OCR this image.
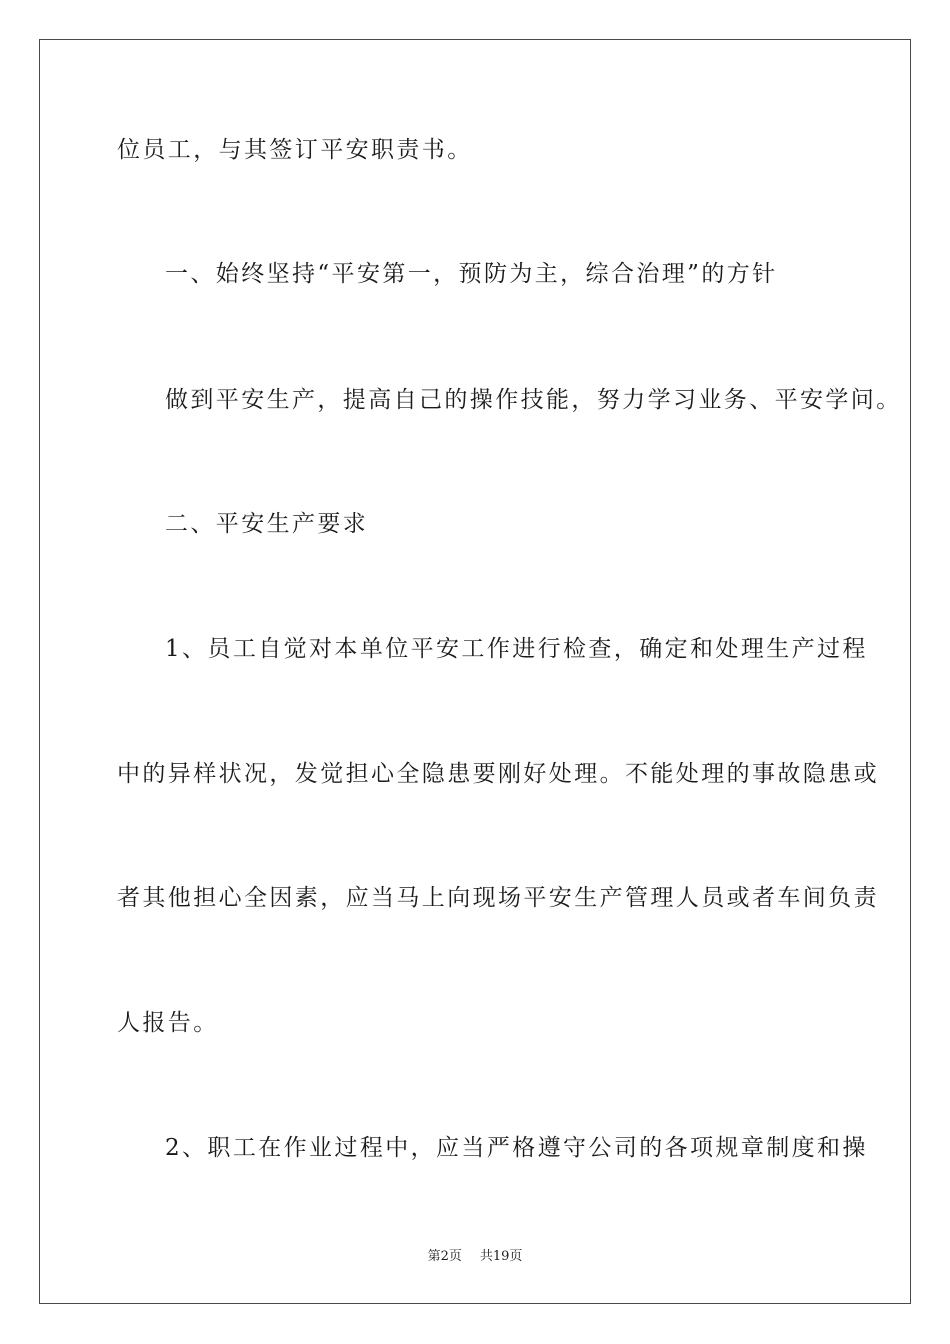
位员工，与其签订平安职责书。
一、始终坚持“平安第一，预防为主，综合治理”的方针
做到平安生产，提高自己的操作技能，努力学习业务、平安学问。
二、平安生产要求
1、员工自觉对本单位平安工作进行检查，确定和处理生产过程
中的异样状况，发觉担心全隐患要刚好处理。不能处理的事故隐患或
者其他担心全因素，应当马上向现场平安生产管理人员或者车间负责
人报告。
2、职工在作业过程中，应当严格遵守公司的各项规章制度和操
第2页 共19页
